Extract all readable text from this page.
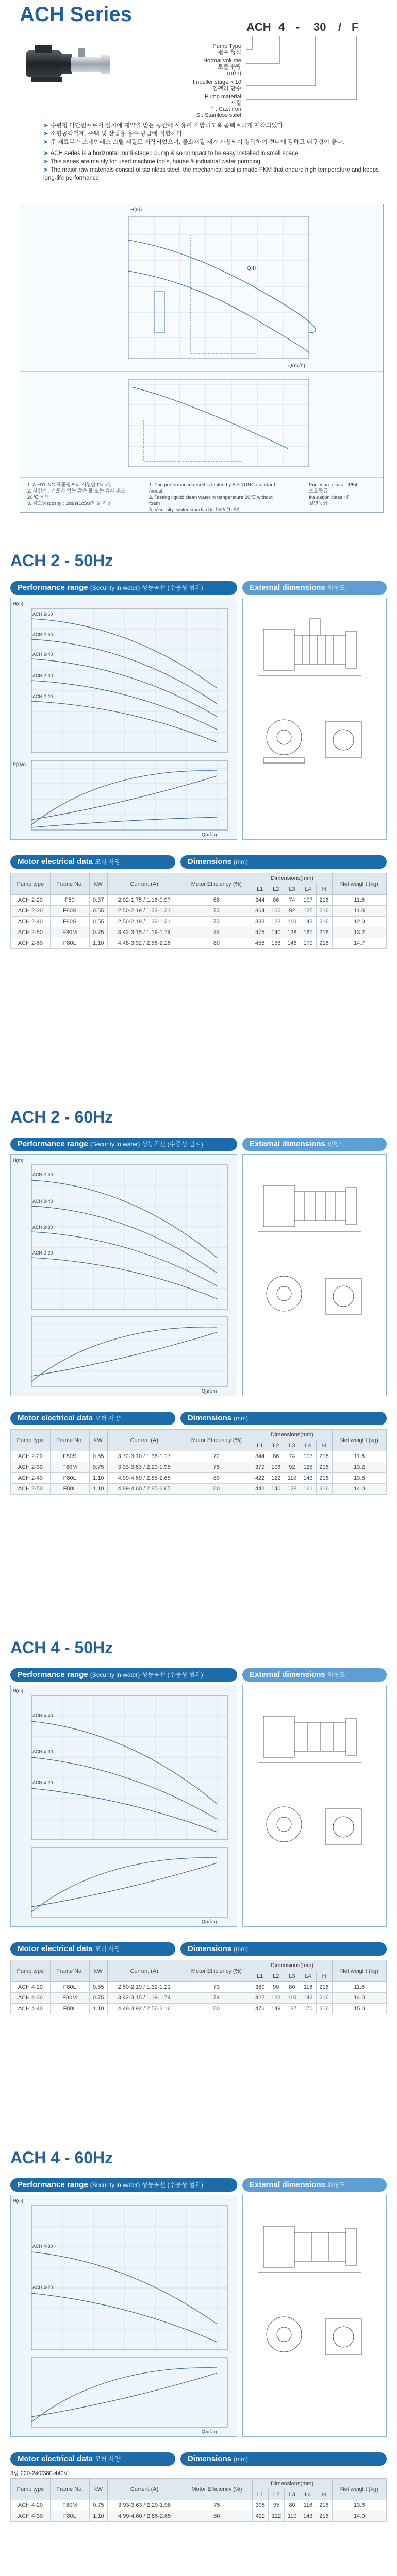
ACH Series
ACH 4 - 30 / F
Pump Type
펌프 형식
Normal volume
토출 유량
(㎥/h)
Impeller stage × 10
임펠러 단수
Pump material
재질
F : Cast iron
S : Stainless steel
➤ 수평형 다단펌프로서 설치에 제약을 받는 공간에 사용이 적합하도록 콤팩트하게 제작되었다.
➤ 소형공작기계, 주택 및 산업용 용수 공급에 적합하다.
➤ 주 재료부가 스테인레스 스틸 재질로 제작되었으며, 물소재질 재가 사용되어 강력하여 견디에 강하고 내구성이 좋다.
➤ ACH series is a horizontal multi-staged pump & so compact to be easy installed in small space.
➤ This series are mainly for used machine tools, house & industrial water pumping.
➤ The major raw materials consist of stainless steel, the mechanical seal is made FKM that endure high temperature and keeps long-life performance.
H(m)
Q(㎥/h)
Q-H
1. A-HYUNG 표준펌프의 시험만 Data임.
2. 시험액 : 기포가 없는 맑은 물 또는 유사 온도 20℃ 용액
3. 점도Viscosity : 1㎟/s(1cSt)인 물 기준
1. The performance result is tested by A-HYUNG standard model.
2. Testing liquid: clean water in temperature 20℃ without foam
3. Viscosity: water standard is 1㎟/s(1cSt)
Enclosure class : IP54
보호등급
Insulation class : F
절연등급
ACH 2 - 50Hz
Performance range (Security in water) 성능곡선 (수중성 범위)	External dimensions 외형도
ACH 2-60
ACH 2-50
ACH 2-40
ACH 2-30
ACH 2-20
H(m)
P(kW)
Q(㎥/h)
Motor electrical data 모터 사양	Dimensions (mm)
Pump type	Frame No.	kW	Current (A)	Motor Efficiency (%)	Dimensions(mm)					Net weight (kg)
					L1	L2	L3	L4	H	
ACH 2-20	F80	0.37	2.02-1.75 / 1.16-0.97	68	344	86	74	107	216	11.6
ACH 2-30	F80S	0.55	2.50-2.19 / 1.32-1.21	73	364	106	92	125	216	11.8
ACH 2-40	F80S	0.55	2.50-2.19 / 1.32-1.21	73	383	122	110	143	216	12.0
ACH 2-50	F80M	0.75	3.42-3.15 / 1.19-1.74	74	475	140	128	161	216	13.2
ACH 2-60	F80L	1.10	4.48-3.92 / 2.56-2.16	80	458	158	146	179	216	14.7
ACH 2 - 60Hz
Performance range (Security in water) 성능곡선 (수중성 범위)	External dimensions 외형도
ACH 2-50
ACH 2-40
ACH 2-30
ACH 2-20
H(m)
Q(㎥/h)
Motor electrical data 모터 사양	Dimensions (mm)
Pump type	Frame No.	kW	Current (A)	Motor Efficiency (%)	Dimensions(mm)					Net weight (kg)
					L1	L2	L3	L4	H	
ACH 2-20	F80S	0.55	3.72-3.10 / 1.36-1.17	72	344	86	74	107	216	11.6
ACH 2-30	F80M	0.75	3.93-3.63 / 2.29-1.98	75	379	106	92	125	216	13.2
ACH 2-40	F80L	1.10	4.99-4.60 / 2.85-2.65	80	422	122	110	143	216	13.8
ACH 2-50	F80L	1.10	4.89-4.60 / 2.85-2.65	80	442	140	128	161	216	14.0
ACH 4 - 50Hz
Performance range (Security in water) 성능곡선 (수중성 범위)	External dimensions 외형도
ACH 4-40
ACH 4-30
ACH 4-20
H(m)
Q(㎥/h)
Motor electrical data 모터 사양	Dimensions (mm)
Pump type	Frame No.	kW	Current (A)	Motor Efficiency (%)	Dimensions(mm)					Net weight (kg)
					L1	L2	L3	L4	H	
ACH 4-20	F80L	0.55	2.50-2.19 / 1.32-1.21	73	380	90	80	116	216	11.6
ACH 4-30	F80M	0.75	3.42-3.15 / 1.19-1.74	74	422	122	110	143	216	14.0
ACH 4-40	F80L	1.10	4.48-3.92 / 2.56-2.16	80	476	149	137	170	216	15.0
ACH 4 - 60Hz
Performance range (Security in water) 성능곡선 (수중성 범위)	External dimensions 외형도
ACH 4-30
ACH 4-20
H(m)
Q(㎥/h)
Motor electrical data 모터 사양	Dimensions (mm)
3상 220-240/380-440V
Pump type	Frame No.	kW	Current (A)	Motor Efficiency (%)	Dimensions(mm)					Net weight (kg)
					L1	L2	L3	L4	H	
ACH 4-20	F80M	0.75	3.93-3.63 / 2.29-1.98	75	395	95	80	116	216	13.6
ACH 4-30	F80L	1.10	4.99-4.60 / 2.85-2.65	80	422	122	110	143	216	14.0
